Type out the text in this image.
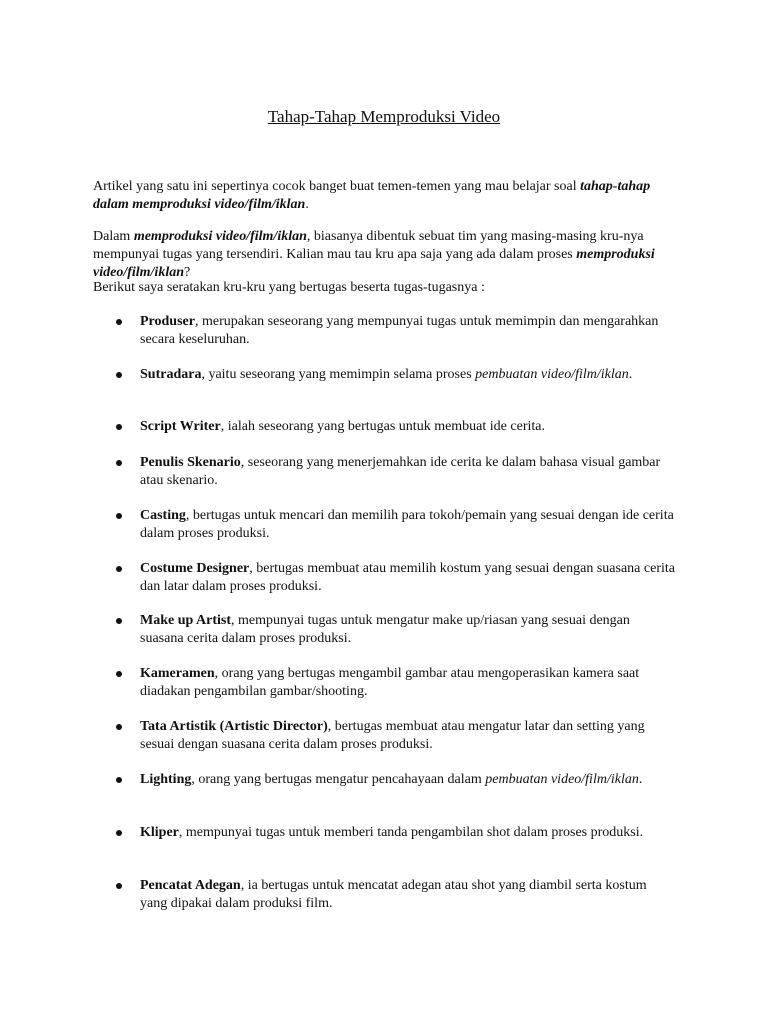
Tahap-Tahap Memproduksi Video

Artikel yang satu ini sepertinya cocok banget buat temen-temen yang mau belajar soal tahap-tahap dalam memproduksi video/film/iklan.

Dalam memproduksi video/film/iklan, biasanya dibentuk sebuat tim yang masing-masing kru-nya mempunyai tugas yang tersendiri. Kalian mau tau kru apa saja yang ada dalam proses memproduksi video/film/iklan?

Berikut saya seratakan kru-kru yang bertugas beserta tugas-tugasnya :

Produser, merupakan seseorang yang mempunyai tugas untuk memimpin dan mengarahkan secara keseluruhan.
Sutradara, yaitu seseorang yang memimpin selama proses pembuatan video/film/iklan.
Script Writer, ialah seseorang yang bertugas untuk membuat ide cerita.
Penulis Skenario, seseorang yang menerjemahkan ide cerita ke dalam bahasa visual gambar atau skenario.
Casting, bertugas untuk mencari dan memilih para tokoh/pemain yang sesuai dengan ide cerita dalam proses produksi.
Costume Designer, bertugas membuat atau memilih kostum yang sesuai dengan suasana cerita dan latar dalam proses produksi.
Make up Artist, mempunyai tugas untuk mengatur make up/riasan yang sesuai dengan suasana cerita dalam proses produksi.
Kameramen, orang yang bertugas mengambil gambar atau mengoperasikan kamera saat diadakan pengambilan gambar/shooting.
Tata Artistik (Artistic Director), bertugas membuat atau mengatur latar dan setting yang sesuai dengan suasana cerita dalam proses produksi.
Lighting, orang yang bertugas mengatur pencahayaan dalam pembuatan video/film/iklan.
Kliper, mempunyai tugas untuk memberi tanda pengambilan shot dalam proses produksi.
Pencatat Adegan, ia bertugas untuk mencatat adegan atau shot yang diambil serta kostum yang dipakai dalam produksi film.
